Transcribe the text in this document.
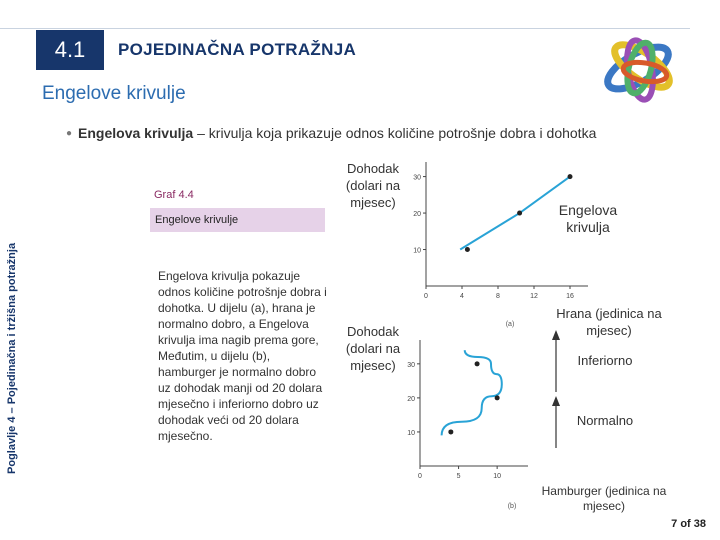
4.1	POJEDINAČNA POTRAŽNJA
Engelove krivulje
● Engelova krivulja – krivulja koja prikazuje odnos količine potrošnje dobra i dohotka
Poglavlje 4 – Pojedinačna i tržišna potražnja
Graf 4.4
Engelove krivulje
Engelova krivulja pokazuje odnos količine potrošnje dobra i dohotka. U dijelu (a), hrana je normalno dobro, a Engelova krivulja ima nagib prema gore, Međutim, u dijelu (b), hamburger je normalno dobro uz dohodak manji od 20 dolara mjesečno i inferiorno dobro uz dohodak veći od 20 dolara mjesečno.
Dohodak (dolari na mjesec)	Engelova krivulja
Hrana (jedinica na mjesec)
Dohodak (dolari na mjesec)	Inferiorno
Normalno
Hamburger (jedinica na mjesec)
0	4	8	12	16
10
20
30
(a)
0	5	10
10
20
30
(b)
7 of 38
